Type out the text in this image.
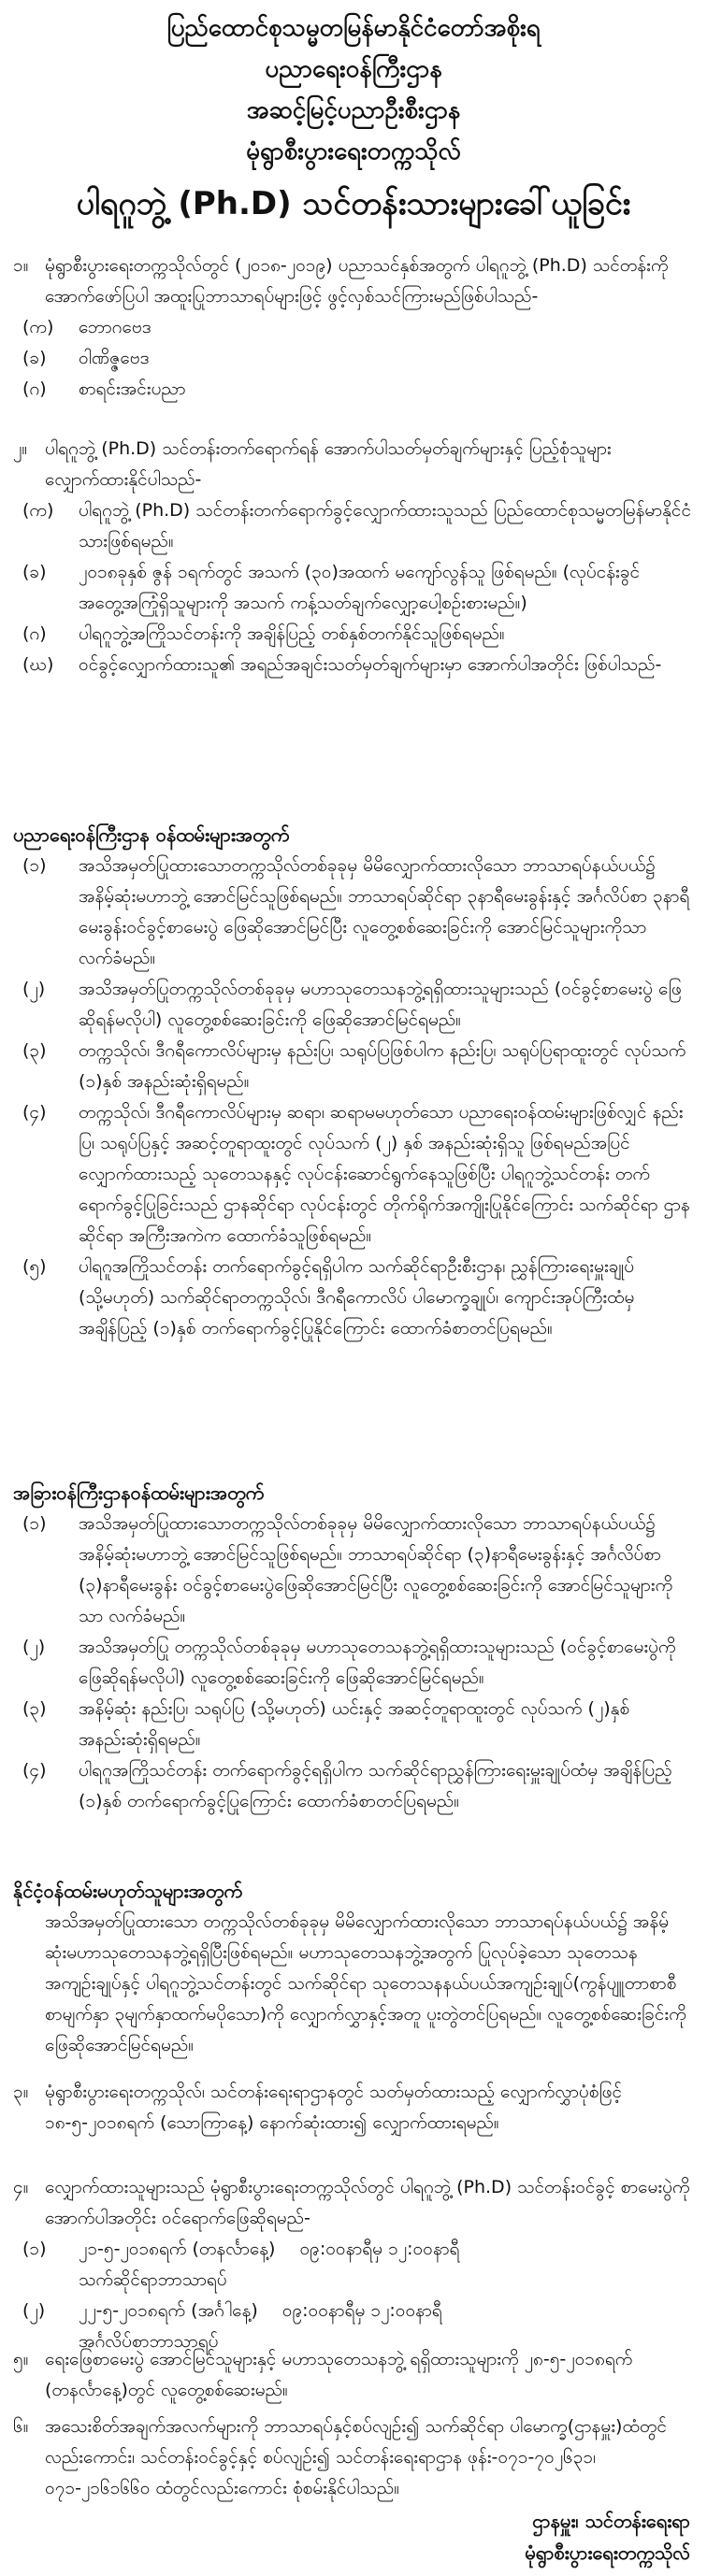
ပြည်ထောင်စုသမ္မတမြန်မာနိုင်ငံတော်အစိုးရ
ပညာရေးဝန်ကြီးဌာန
အဆင့်မြင့်ပညာဦးစီးဌာန
မုံရွာစီးပွားရေးတက္ကသိုလ်
ပါရဂူဘွဲ့ (Ph.D) သင်တန်းသားများခေါ်ယူခြင်း
၁။ မုံရွာစီးပွားရေးတက္ကသိုလ်တွင် (၂၀၁၈-၂၀၁၉) ပညာသင်နှစ်အတွက် ပါရဂူဘွဲ့ (Ph.D) သင်တန်းကို အောက်ဖော်ပြပါ အထူးပြုဘာသာရပ်များဖြင့် ဖွင့်လှစ်သင်ကြားမည်ဖြစ်ပါသည်-
(က)	ဘောဂဗေဒ
(ခ)	ဝါဏိဇ္ဇဗေဒ
(ဂ)	စာရင်းအင်းပညာ
၂။ ပါရဂူဘွဲ့ (Ph.D) သင်တန်းတက်ရောက်ရန် အောက်ပါသတ်မှတ်ချက်များနှင့် ပြည့်စုံသူများ လျှောက်ထားနိုင်ပါသည်-
(က)	ပါရဂူဘွဲ့ (Ph.D) သင်တန်းတက်ရောက်ခွင့်လျှောက်ထားသူသည် ပြည်ထောင်စုသမ္မတမြန်မာနိုင်ငံသားဖြစ်ရမည်။
(ခ)	၂၀၁၈ခုနှစ် ဇွန် ၁ရက်တွင် အသက် (၃၀)အထက် မကျော်လွန်သူ ဖြစ်ရမည်။ (လုပ်ငန်းခွင် အတွေ့အကြုံရှိသူများကို အသက် ကန့်သတ်ချက်လျှော့ပေါ့စဉ်းစားမည်။)
(ဂ)	ပါရဂူဘွဲ့အကြိုသင်တန်းကို အချိန်ပြည့် တစ်နှစ်တက်နိုင်သူဖြစ်ရမည်။
(ဃ)	ဝင်ခွင့်လျှောက်ထားသူ၏ အရည်အချင်းသတ်မှတ်ချက်များမှာ အောက်ပါအတိုင်း ဖြစ်ပါသည်-
ပညာရေးဝန်ကြီးဌာန ဝန်ထမ်းများအတွက်
(၁)	အသိအမှတ်ပြုထားသောတက္ကသိုလ်တစ်ခုခုမှ မိမိလျှောက်ထားလိုသော ဘာသာရပ်နယ်ပယ်၌ အနိမ့်ဆုံးမဟာဘွဲ့ အောင်မြင်သူဖြစ်ရမည်။ ဘာသာရပ်ဆိုင်ရာ ၃နာရီမေးခွန်းနှင့် အင်္ဂလိပ်စာ ၃နာရီ မေးခွန်းဝင်ခွင့်စာမေးပွဲ ဖြေဆိုအောင်မြင်ပြီး လူတွေ့စစ်ဆေးခြင်းကို အောင်မြင်သူများကိုသာ လက်ခံမည်။
(၂)	အသိအမှတ်ပြုတက္ကသိုလ်တစ်ခုခုမှ မဟာသုတေသနဘွဲ့ရရှိထားသူများသည် (ဝင်ခွင့်စာမေးပွဲ ဖြေဆိုရန်မလိုပါ) လူတွေ့စစ်ဆေးခြင်းကို ဖြေဆိုအောင်မြင်ရမည်။
(၃)	တက္ကသိုလ်၊ ဒီဂရီကောလိပ်များမှ နည်းပြ၊ သရုပ်ပြဖြစ်ပါက နည်းပြ၊ သရုပ်ပြရာထူးတွင် လုပ်သက် (၁)နှစ် အနည်းဆုံးရှိရမည်။
(၄)	တက္ကသိုလ်၊ ဒီဂရီကောလိပ်များမှ ဆရာ၊ ဆရာမမဟုတ်သော ပညာရေးဝန်ထမ်းများဖြစ်လျှင် နည်းပြ၊ သရုပ်ပြနှင့် အဆင့်တူရာထူးတွင် လုပ်သက် (၂) နှစ် အနည်းဆုံးရှိသူ ဖြစ်ရမည်အပြင် လျှောက်ထားသည့် သုတေသနနှင့် လုပ်ငန်းဆောင်ရွက်နေသူဖြစ်ပြီး ပါရဂူဘွဲ့သင်တန်း တက်ရောက်ခွင့်ပြုခြင်းသည် ဌာနဆိုင်ရာ လုပ်ငန်းတွင် တိုက်ရိုက်အကျိုးပြုနိုင်ကြောင်း သက်ဆိုင်ရာ ဌာနဆိုင်ရာ အကြီးအကဲက ထောက်ခံသူဖြစ်ရမည်။
(၅)	ပါရဂူအကြိုသင်တန်း တက်ရောက်ခွင့်ရရှိပါက သက်ဆိုင်ရာဦးစီးဌာန၊ ညွှန်ကြားရေးမှူးချုပ် (သို့မဟုတ်) သက်ဆိုင်ရာတက္ကသိုလ်၊ ဒီဂရီကောလိပ် ပါမောက္ခချုပ်၊ ကျောင်းအုပ်ကြီးထံမှ အချိန်ပြည့် (၁)နှစ် တက်ရောက်ခွင့်ပြုနိုင်ကြောင်း ထောက်ခံစာတင်ပြရမည်။
အခြားဝန်ကြီးဌာနဝန်ထမ်းများအတွက်
(၁)	အသိအမှတ်ပြုထားသောတက္ကသိုလ်တစ်ခုခုမှ မိမိလျှောက်ထားလိုသော ဘာသာရပ်နယ်ပယ်၌ အနိမ့်ဆုံးမဟာဘွဲ့ အောင်မြင်သူဖြစ်ရမည်။ ဘာသာရပ်ဆိုင်ရာ (၃)နာရီမေးခွန်းနှင့် အင်္ဂလိပ်စာ (၃)နာရီမေးခွန်း ဝင်ခွင့်စာမေးပွဲဖြေဆိုအောင်မြင်ပြီး လူတွေ့စစ်ဆေးခြင်းကို အောင်မြင်သူများကိုသာ လက်ခံမည်။
(၂)	အသိအမှတ်ပြု တက္ကသိုလ်တစ်ခုခုမှ မဟာသုတေသနဘွဲ့ရရှိထားသူများသည် (ဝင်ခွင့်စာမေးပွဲကို ဖြေဆိုရန်မလိုပါ) လူတွေ့စစ်ဆေးခြင်းကို ဖြေဆိုအောင်မြင်ရမည်။
(၃)	အနိမ့်ဆုံး နည်းပြ၊ သရုပ်ပြ (သို့မဟုတ်) ယင်းနှင့် အဆင့်တူရာထူးတွင် လုပ်သက် (၂)နှစ် အနည်းဆုံးရှိရမည်။
(၄)	ပါရဂူအကြိုသင်တန်း တက်ရောက်ခွင့်ရရှိပါက သက်ဆိုင်ရာညွှန်ကြားရေးမှူးချုပ်ထံမှ အချိန်ပြည့် (၁)နှစ် တက်ရောက်ခွင့်ပြုကြောင်း ထောက်ခံစာတင်ပြရမည်။
နိုင်ငံ့ဝန်ထမ်းမဟုတ်သူများအတွက်
အသိအမှတ်ပြုထားသော တက္ကသိုလ်တစ်ခုခုမှ မိမိလျှောက်ထားလိုသော ဘာသာရပ်နယ်ပယ်၌ အနိမ့်ဆုံးမဟာသုတေသနဘွဲ့ရရှိပြီးဖြစ်ရမည်။ မဟာသုတေသနဘွဲ့အတွက် ပြုလုပ်ခဲ့သော သုတေသနအကျဉ်းချုပ်နှင့် ပါရဂူဘွဲ့သင်တန်းတွင် သက်ဆိုင်ရာ သုတေသနနယ်ပယ်အကျဉ်းချုပ်(ကွန်ပျူတာစာစီ စာမျက်နှာ ၃မျက်နှာထက်မပိုသော)ကို လျှောက်လွှာနှင့်အတူ ပူးတွဲတင်ပြရမည်။ လူတွေ့စစ်ဆေးခြင်းကို ဖြေဆိုအောင်မြင်ရမည်။
၃။ မုံရွာစီးပွားရေးတက္ကသိုလ်၊ သင်တန်းရေးရာဌာနတွင် သတ်မှတ်ထားသည့် လျှောက်လွှာပုံစံဖြင့် ၁၈-၅-၂၀၁၈ရက် (သောကြာနေ့) နောက်ဆုံးထား၍ လျှောက်ထားရမည်။
၄။ လျှောက်ထားသူများသည် မုံရွာစီးပွားရေးတက္ကသိုလ်တွင် ပါရဂူဘွဲ့ (Ph.D) သင်တန်းဝင်ခွင့် စာမေးပွဲကို အောက်ပါအတိုင်း ဝင်ရောက်ဖြေဆိုရမည်-
(၁)	၂၁-၅-၂၀၁၈ရက် (တနင်္လာနေ့) ၀၉:၀၀နာရီမှ ၁၂:၀၀နာရီ
သက်ဆိုင်ရာဘာသာရပ်
(၂)	၂၂-၅-၂၀၁၈ရက် (အင်္ဂါနေ့) ၀၉:၀၀နာရီမှ ၁၂:၀၀နာရီ
အင်္ဂလိပ်စာဘာသာရပ်
၅။ ရေးဖြေစာမေးပွဲ အောင်မြင်သူများနှင့် မဟာသုတေသနဘွဲ့ ရရှိထားသူများကို ၂၈-၅-၂၀၁၈ရက် (တနင်္လာနေ့)တွင် လူတွေ့စစ်ဆေးမည်။
၆။ အသေးစိတ်အချက်အလက်များကို ဘာသာရပ်နှင့်စပ်လျဉ်း၍ သက်ဆိုင်ရာ ပါမောက္ခ(ဌာနမှူး)ထံတွင်လည်းကောင်း၊ သင်တန်းဝင်ခွင့်နှင့် စပ်လျဉ်း၍ သင်တန်းရေးရာဌာန ဖုန်း-၀၇၁-၇၀၂၆၃၁၊ ၀၇၁-၂၁၆၁၆၆၀ ထံတွင်လည်းကောင်း စုံစမ်းနိုင်ပါသည်။
ဌာနမှူး၊ သင်တန်းရေးရာ
မုံရွာစီးပွားရေးတက္ကသိုလ်
